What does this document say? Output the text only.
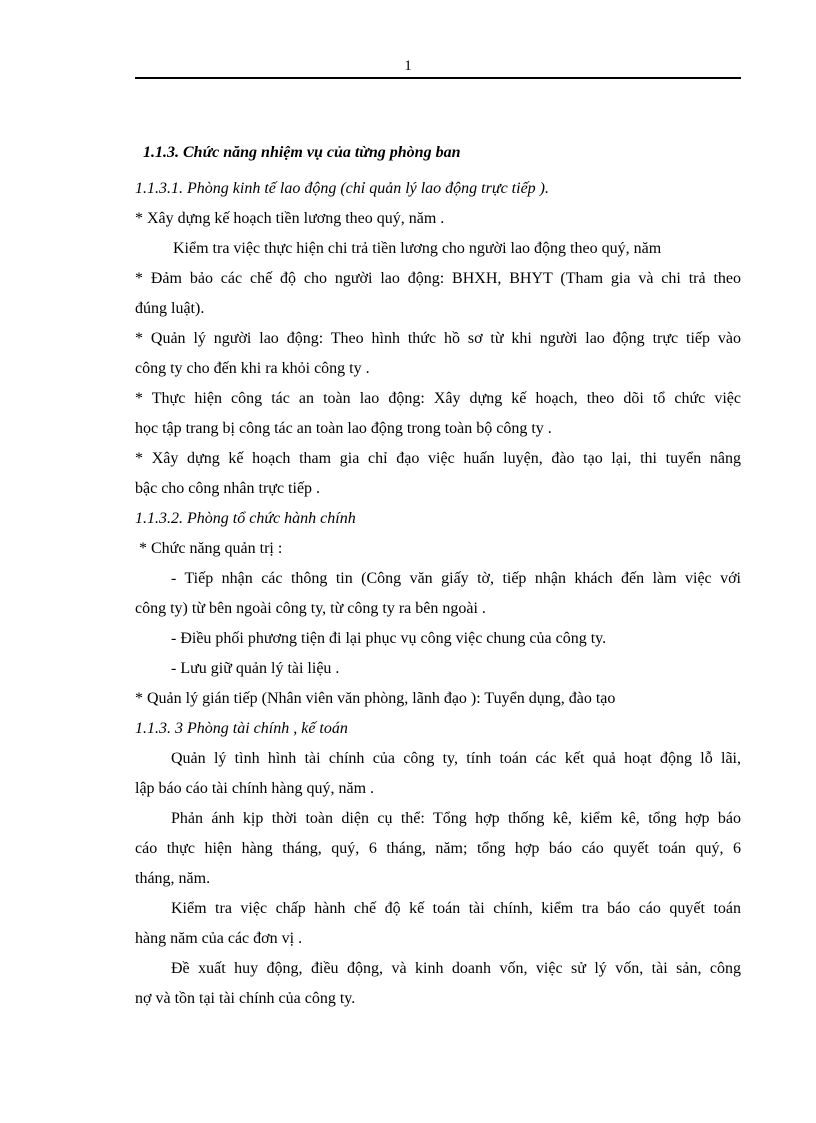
1
1.1.3. Chức năng nhiệm vụ của từng phòng ban
1.1.3.1. Phòng kinh tế lao động (chỉ quản lý lao động trực tiếp ).
* Xây dựng kế hoạch tiền lương theo quý, năm .
Kiểm tra việc thực hiện chi trả tiền lương cho người lao động theo quý, năm
* Đảm bảo các chế độ cho người lao động: BHXH, BHYT (Tham gia và chi trả theo
đúng luật).
* Quản lý người lao động: Theo hình thức hồ sơ từ khi người lao động trực tiếp vào
công ty cho đến khi ra khỏi công ty .
* Thực hiện công tác an toàn lao động: Xây dựng kế hoạch, theo dõi tổ chức việc
học tập trang bị công tác an toàn lao động trong toàn bộ công ty .
* Xây dựng kế hoạch tham gia chỉ đạo việc huấn luyện, đào tạo lại, thi tuyển nâng
bậc cho công nhân trực tiếp .
1.1.3.2. Phòng tổ chức hành chính
* Chức năng quản trị :
- Tiếp nhận các thông tin (Công văn giấy tờ, tiếp nhận khách đến làm việc với
công ty) từ bên ngoài công ty, từ công ty ra bên ngoài .
- Điều phối phương tiện đi lại phục vụ công việc chung của công ty.
- Lưu giữ quản lý tài liệu .
* Quản lý gián tiếp (Nhân viên văn phòng, lãnh đạo ): Tuyển dụng, đào tạo
1.1.3. 3 Phòng tài chính , kế toán
Quản lý tình hình tài chính của công ty, tính toán các kết quả hoạt động lỗ lãi,
lập báo cáo tài chính hàng quý, năm .
Phản ánh kịp thời toàn diện cụ thể: Tổng hợp thống kê, kiểm kê, tổng hợp báo
cáo thực hiện hàng tháng, quý, 6 tháng, năm; tổng hợp báo cáo quyết toán quý, 6
tháng, năm.
Kiểm tra việc chấp hành chế độ kế toán tài chính, kiểm tra báo cáo quyết toán
hàng năm của các đơn vị .
Đề xuất huy động, điều động, và kinh doanh vốn, việc sử lý vốn, tài sản, công
nợ và tồn tại tài chính của công ty.
